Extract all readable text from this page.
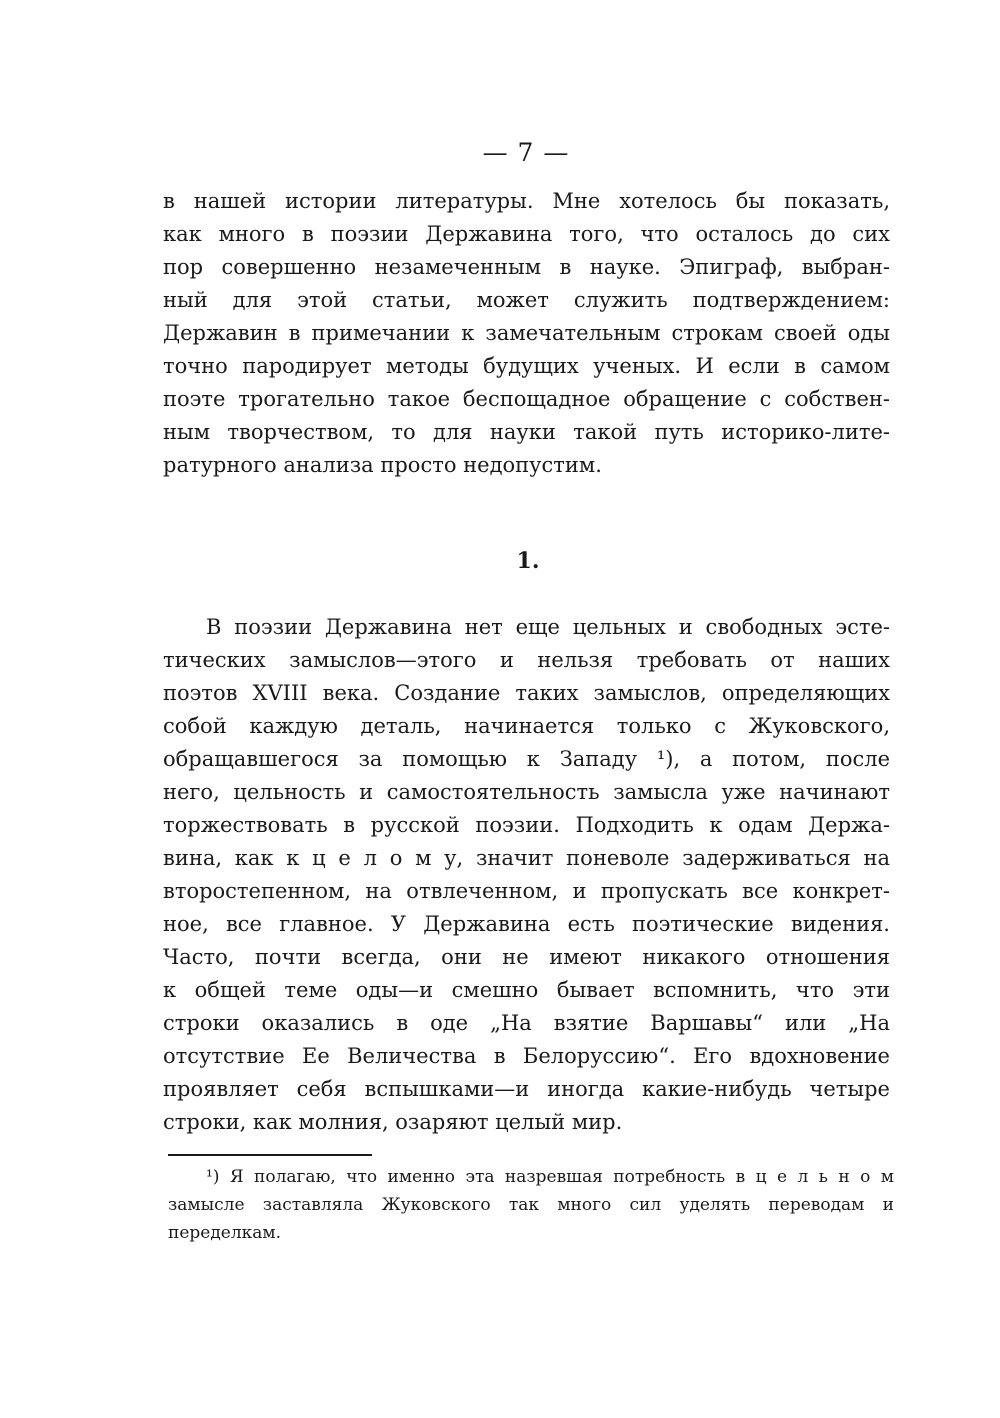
— 7 —
в нашей истории литературы. Мне хотелось бы показать,
как много в поэзии Державина того, что осталось до сих
пор совершенно незамеченным в науке. Эпиграф, выбран-
ный для этой статьи, может служить подтверждением:
Державин в примечании к замечательным строкам своей оды
точно пародирует методы будущих ученых. И если в самом
поэте трогательно такое беспощадное обращение с собствен-
ным творчеством, то для науки такой путь историко-литe-
ратурного анализа просто недопустим.
1.
В поэзии Державина нет еще цельных и свободных эсте-
тических замыслов—этого и нельзя требовать от наших
поэтов XVIII века. Создание таких замыслов, определяющих
собой каждую деталь, начинается только с Жуковского,
обращавшегося за помощью к Западу ¹), а потом, после
него, цельность и самостоятельность замысла уже начинают
торжествовать в русской поэзии. Подходить к одам Держа-
вина, как к ц е л о м у, значит поневоле задерживаться на
второстепенном, на отвлеченном, и пропускать все конкрет-
ное, все главное. У Державина есть поэтические видения.
Часто, почти всегда, они не имеют никакого отношения
к общей теме оды—и смешно бывает вспомнить, что эти
строки оказались в оде „На взятие Варшавы“ или „На
отсутствие Ее Величества в Белоруссию“. Его вдохновение
проявляет себя вспышками—и иногда какие-нибудь четыре
строки, как молния, озаряют целый мир.
¹) Я полагаю, что именно эта назревшая потребность в ц е л ь н о м
замысле заставляла Жуковского так много сил уделять переводам и
переделкам.
